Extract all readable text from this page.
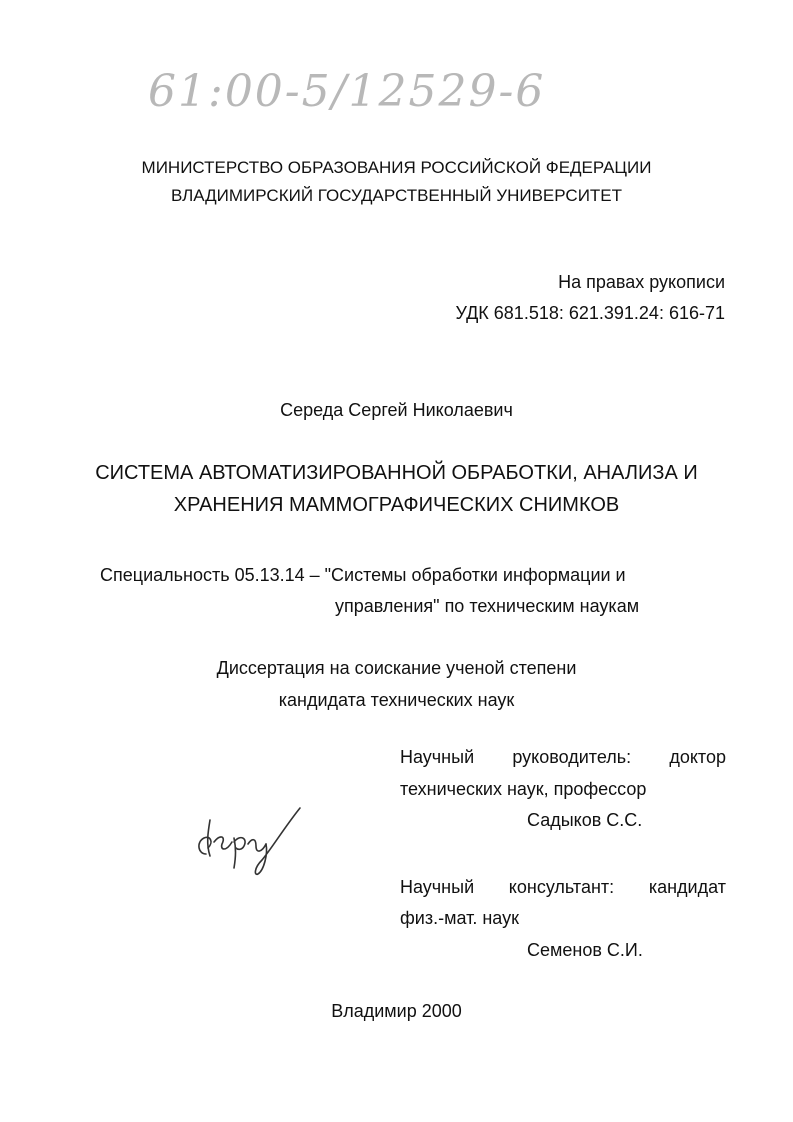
61:00-5/12529-6

МИНИСТЕРСТВО ОБРАЗОВАНИЯ РОССИЙСКОЙ ФЕДЕРАЦИИ

ВЛАДИМИРСКИЙ ГОСУДАРСТВЕННЫЙ УНИВЕРСИТЕТ

На правах рукописи

УДК 681.518: 621.391.24: 616-71

Середа Сергей Николаевич

СИСТЕМА АВТОМАТИЗИРОВАННОЙ ОБРАБОТКИ, АНАЛИЗА И

ХРАНЕНИЯ МАММОГРАФИЧЕСКИХ СНИМКОВ

Специальность 05.13.14 – "Системы обработки информации и

управления" по техническим наукам

Диссертация на соискание ученой степени

кандидата технических наук

Научный руководитель: доктор

технических наук, профессор

Садыков С.С.

Научный консультант: кандидат

физ.-мат. наук

Семенов С.И.

Владимир 2000
